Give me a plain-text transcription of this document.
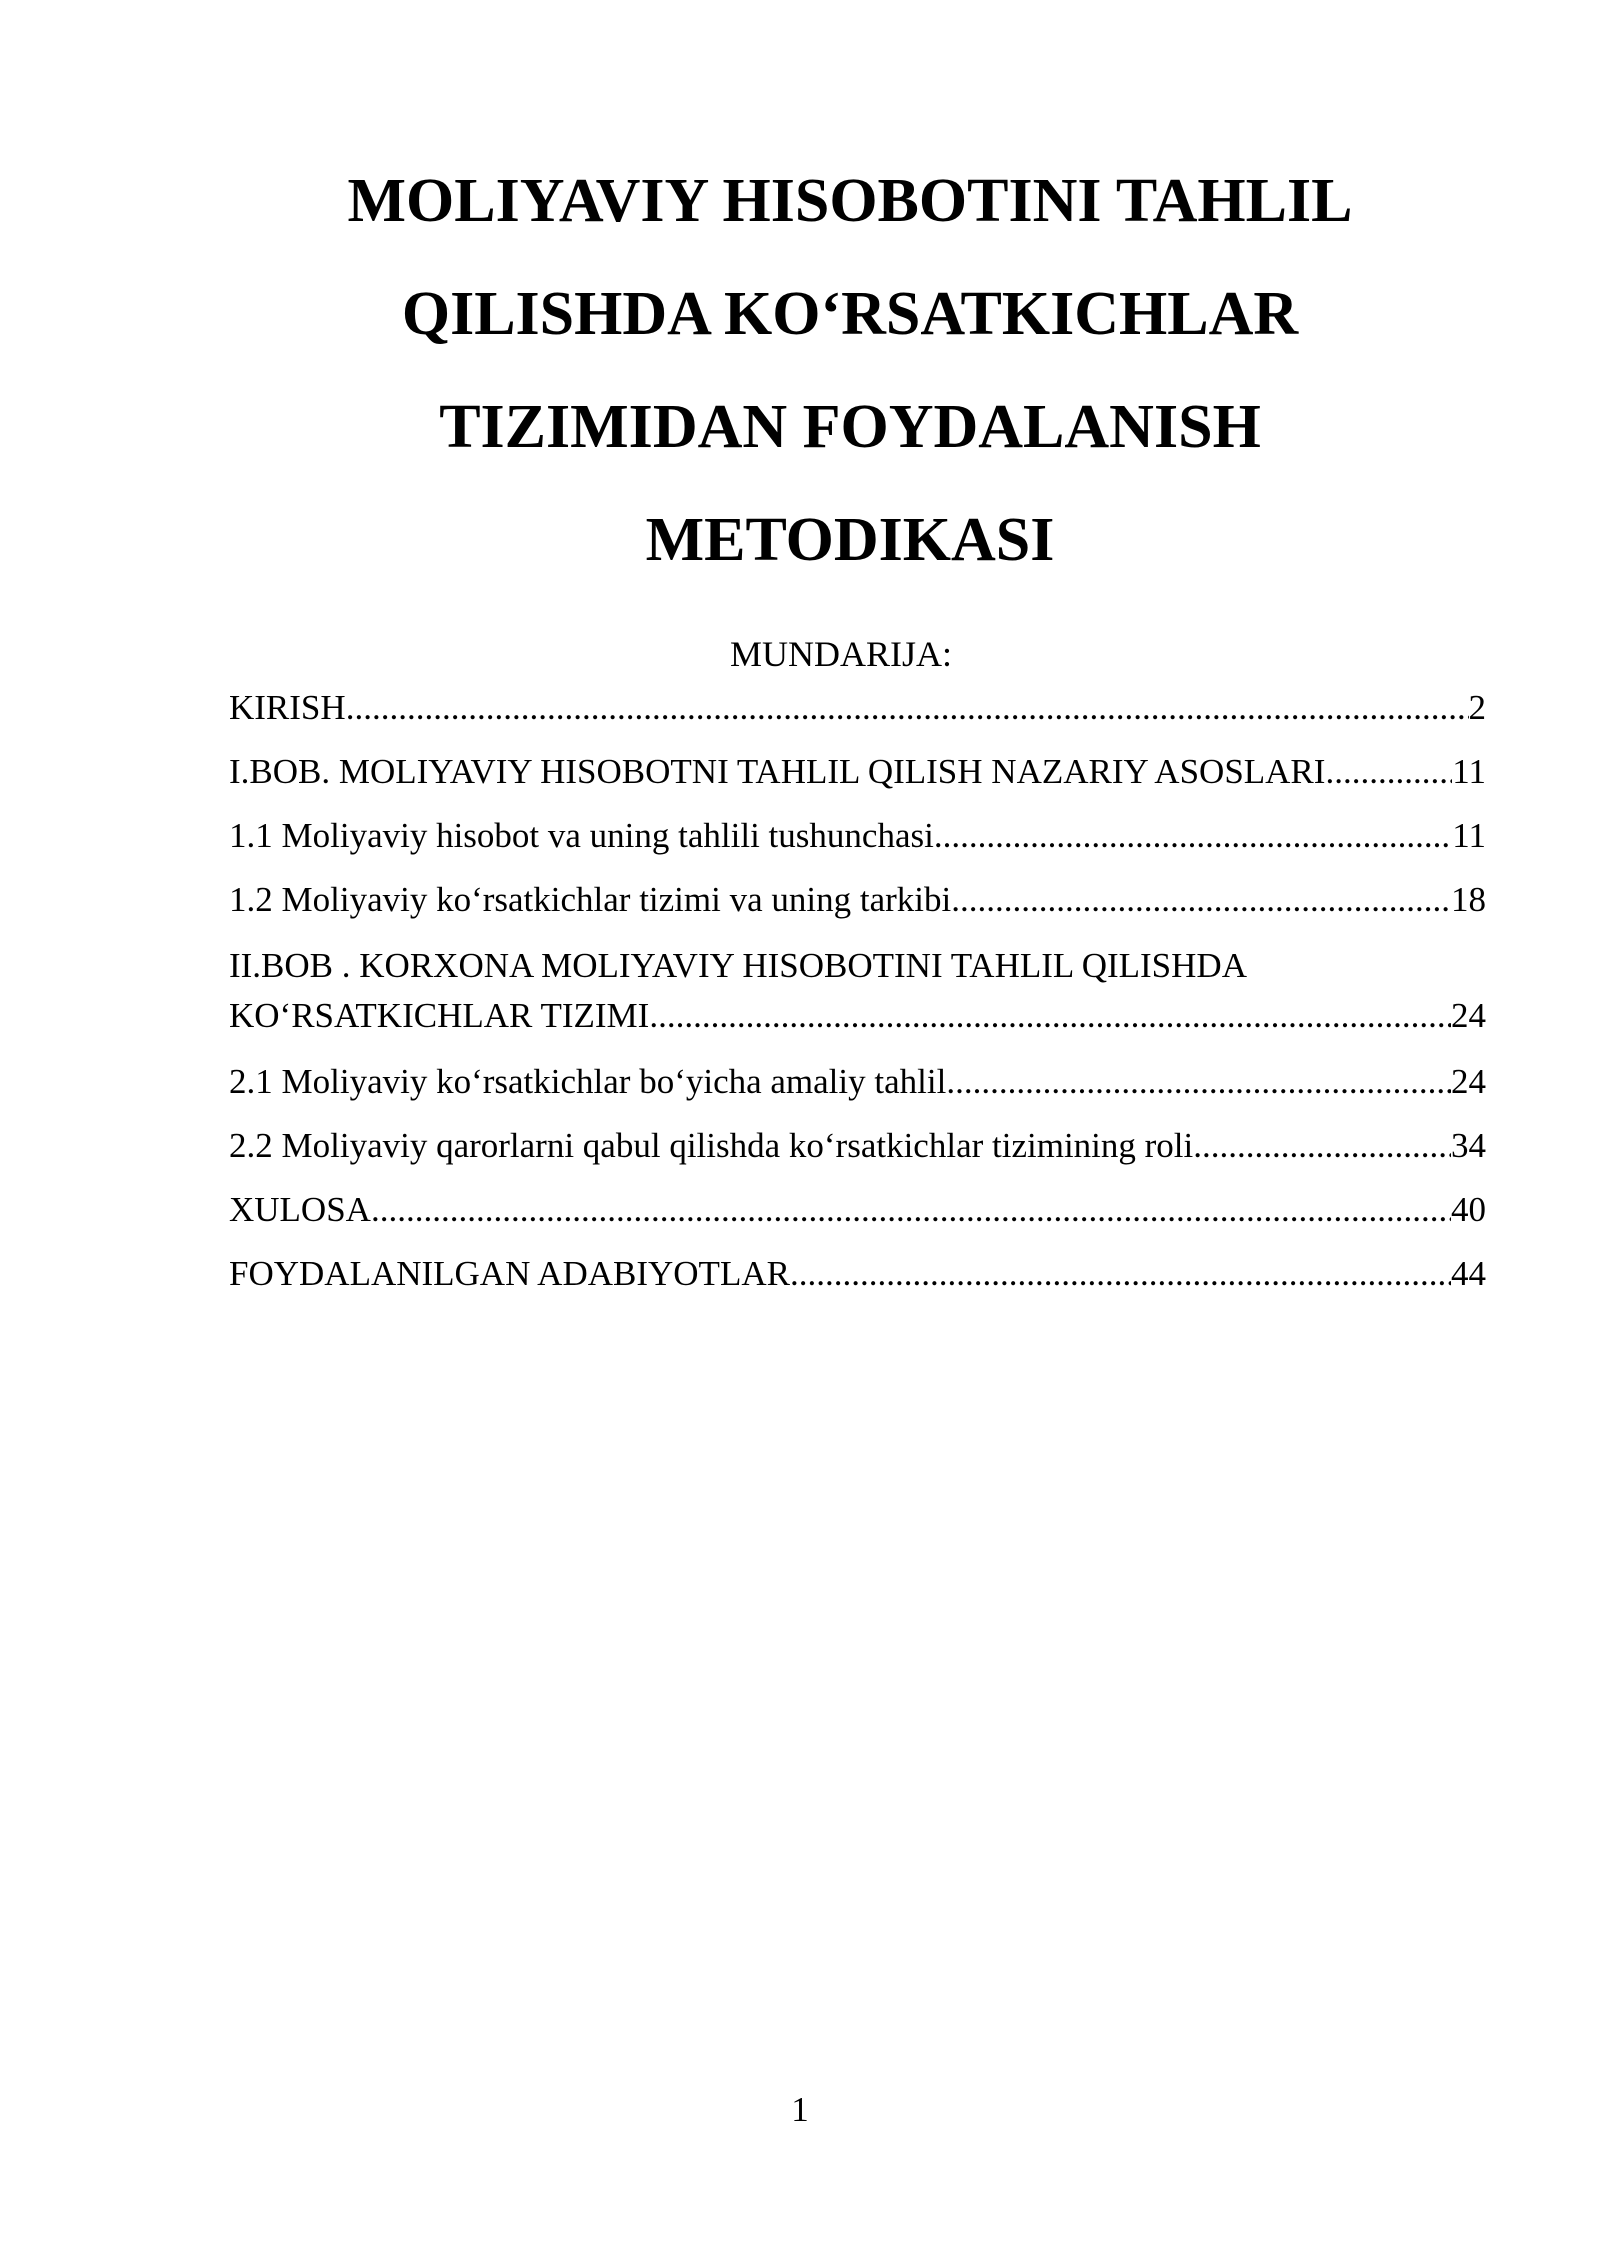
MOLIYAVIY HISOBOTINI TAHLIL
QILISHDA KO‘RSATKICHLAR
TIZIMIDAN FOYDALANISH
METODIKASI
MUNDARIJA:
KIRISH .....	2
I.BOB. MOLIYAVIY HISOBOTNI TAHLIL QILISH NAZARIY ASOSLARI .....	11
1.1 Moliyaviy hisobot va uning tahlili tushunchasi .....	11
1.2 Moliyaviy ko‘rsatkichlar tizimi va uning tarkibi .....	18
II.BOB . KORXONA MOLIYAVIY HISOBOTINI TAHLIL QILISHDA
KO‘RSATKICHLAR TIZIMI .....	24
2.1 Moliyaviy ko‘rsatkichlar bo‘yicha amaliy tahlil .....	24
2.2 Moliyaviy qarorlarni qabul qilishda ko‘rsatkichlar tizimining roli .....	34
XULOSA .....	40
FOYDALANILGAN ADABIYOTLAR .....	44
1
